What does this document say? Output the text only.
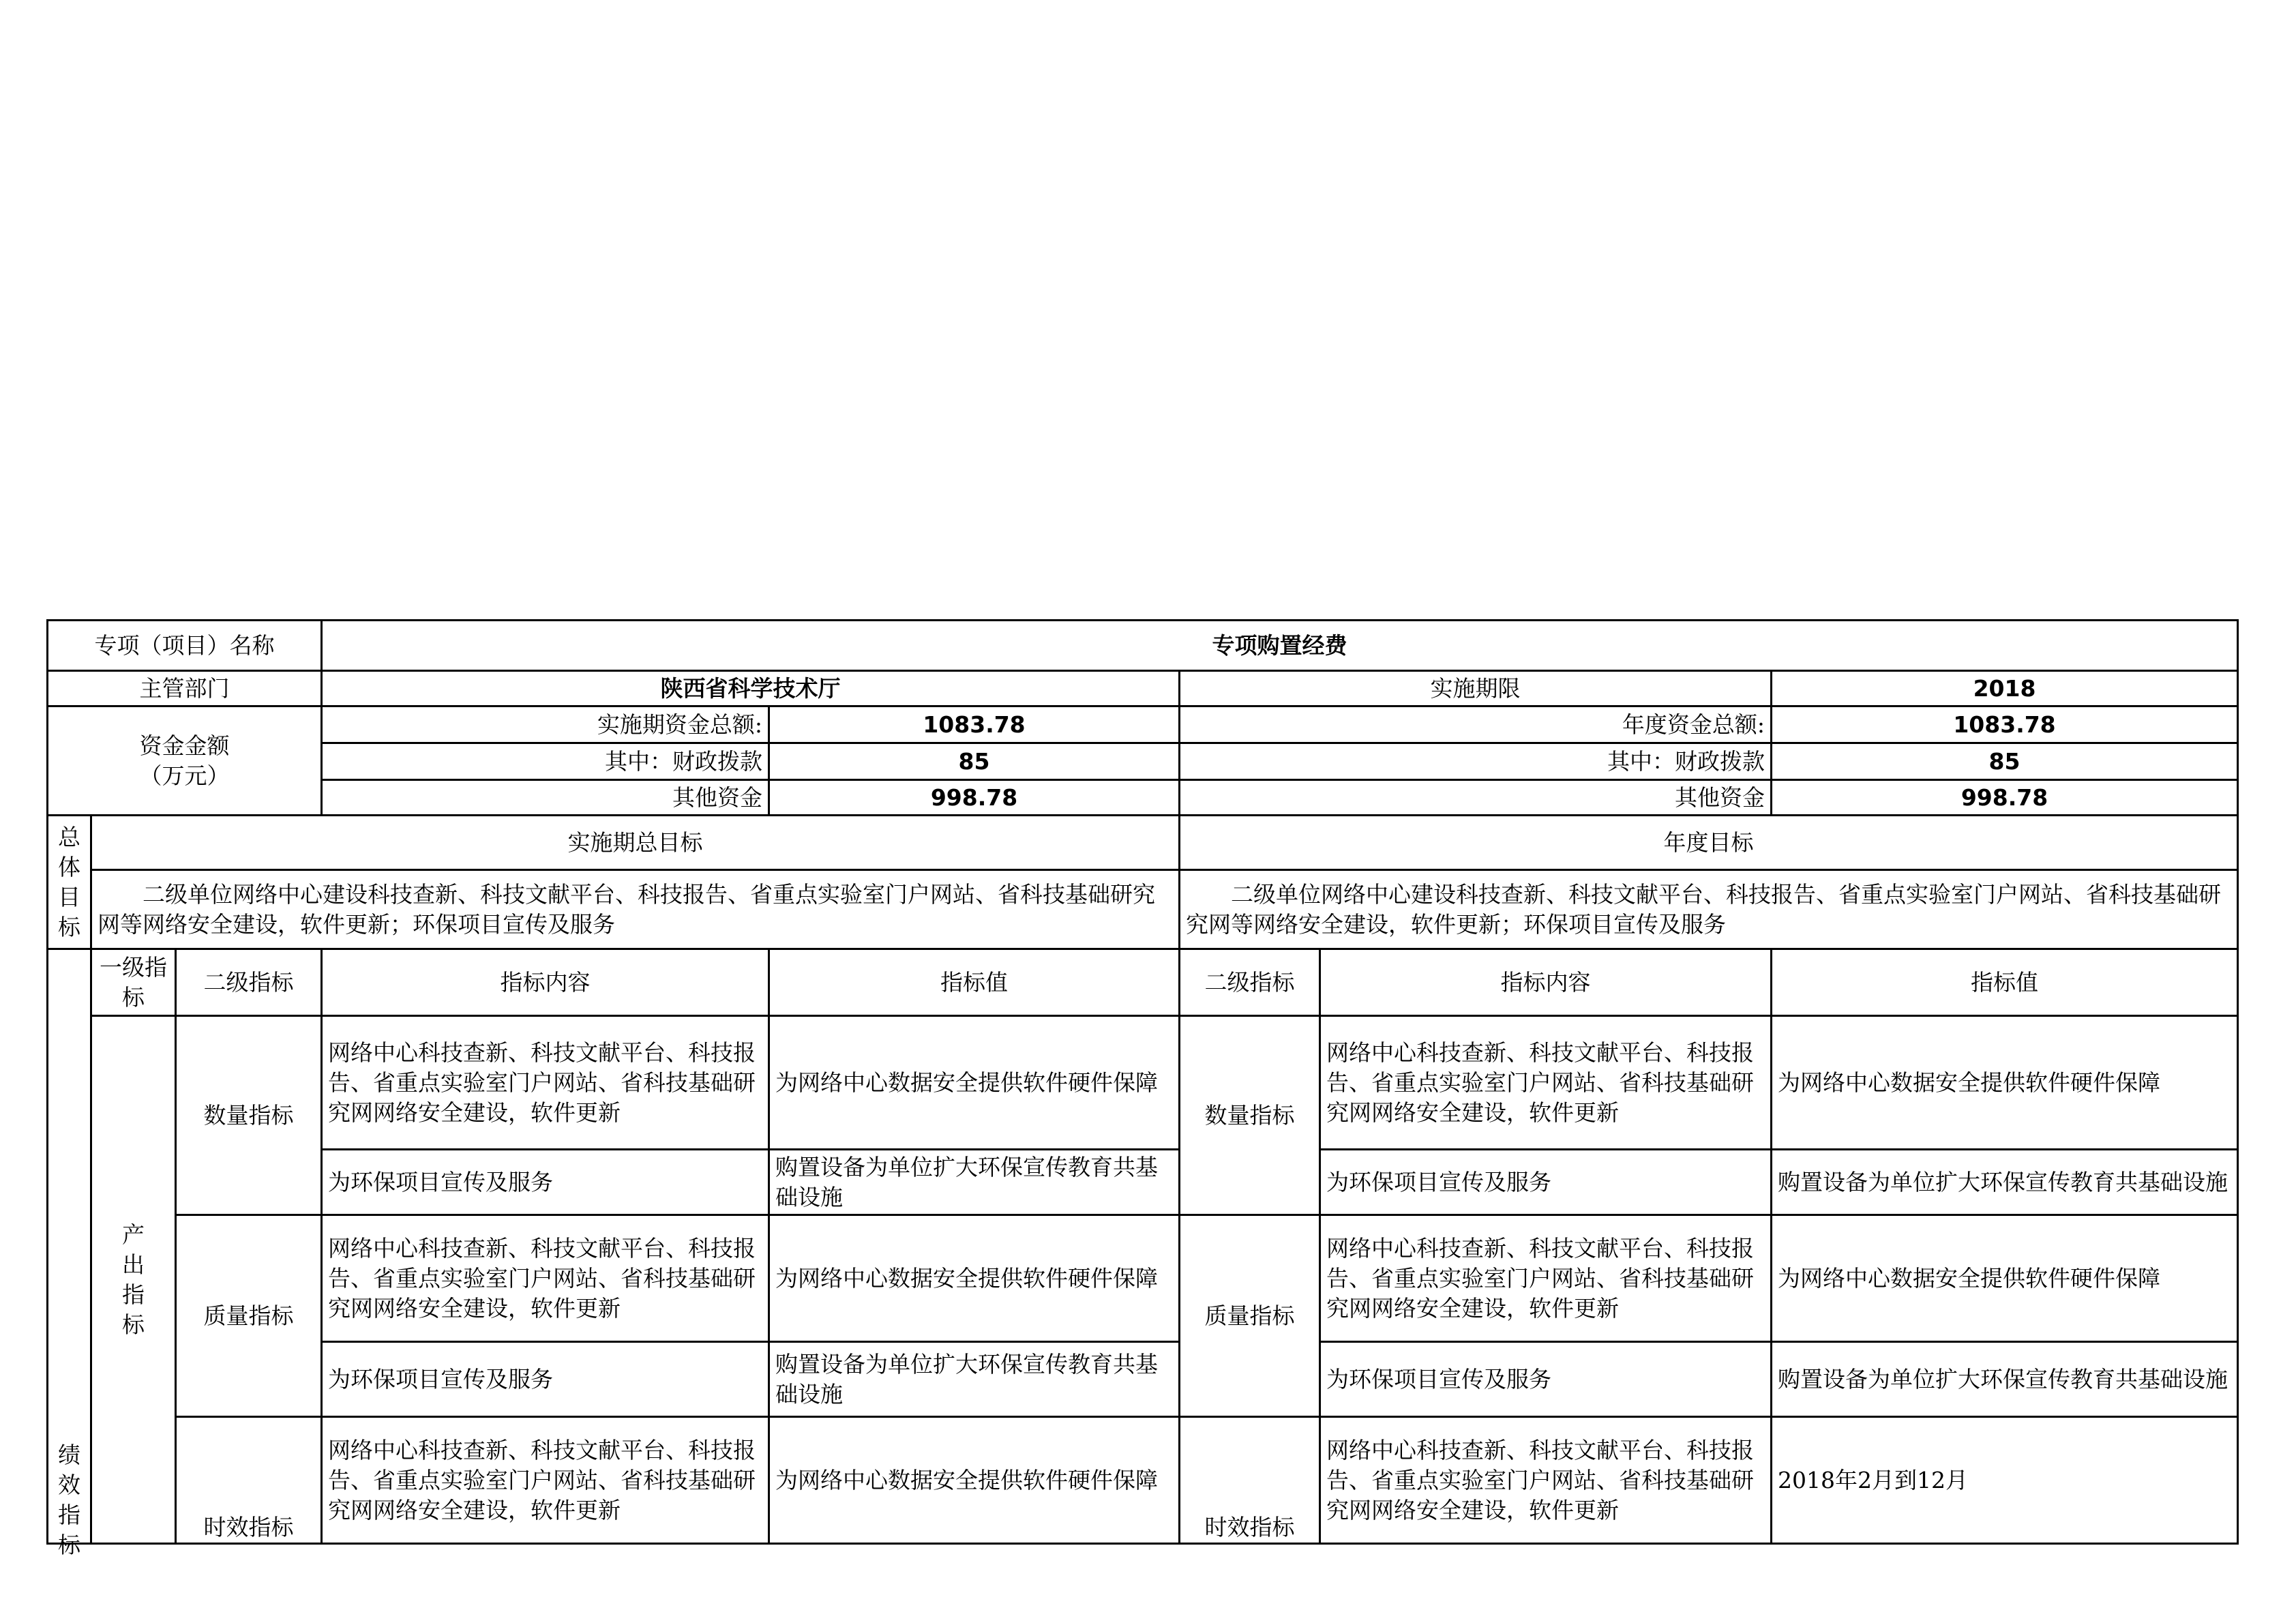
专项（项目）名称			专项购置经费				
主管部门			陕西省科学技术厅		实施期限		2018
资金金额（万元）			实施期资金总额:	1083.78	年度资金总额:		1083.78
			其中：财政拨款	85	其中：财政拨款		85
			其他资金	998.78	其他资金		998.78
总体目标	实施期总目标				年度目标		
	二级单位网络中心建设科技查新、科技文献平台、科技报告、省重点实验室门户网站、省科技基础研究网等网络安全建设，软件更新；环保项目宣传及服务				二级单位网络中心建设科技查新、科技文献平台、科技报告、省重点实验室门户网站、省科技基础研究网等网络安全建设，软件更新；环保项目宣传及服务		
绩效指标	一级指标	二级指标	指标内容	指标值	二级指标	指标内容	指标值
	产出指标	数量指标	网络中心科技查新、科技文献平台、科技报告、省重点实验室门户网站、省科技基础研究网网络安全建设，软件更新	为网络中心数据安全提供软件硬件保障	数量指标	网络中心科技查新、科技文献平台、科技报告、省重点实验室门户网站、省科技基础研究网网络安全建设，软件更新	为网络中心数据安全提供软件硬件保障
			为环保项目宣传及服务	购置设备为单位扩大环保宣传教育共基础设施		为环保项目宣传及服务	购置设备为单位扩大环保宣传教育共基础设施
		质量指标	网络中心科技查新、科技文献平台、科技报告、省重点实验室门户网站、省科技基础研究网网络安全建设，软件更新	为网络中心数据安全提供软件硬件保障	质量指标	网络中心科技查新、科技文献平台、科技报告、省重点实验室门户网站、省科技基础研究网网络安全建设，软件更新	为网络中心数据安全提供软件硬件保障
			为环保项目宣传及服务	购置设备为单位扩大环保宣传教育共基础设施		为环保项目宣传及服务	购置设备为单位扩大环保宣传教育共基础设施
		时效指标	网络中心科技查新、科技文献平台、科技报告、省重点实验室门户网站、省科技基础研究网网络安全建设，软件更新	为网络中心数据安全提供软件硬件保障	时效指标	网络中心科技查新、科技文献平台、科技报告、省重点实验室门户网站、省科技基础研究网网络安全建设，软件更新	2018年2月到12月
